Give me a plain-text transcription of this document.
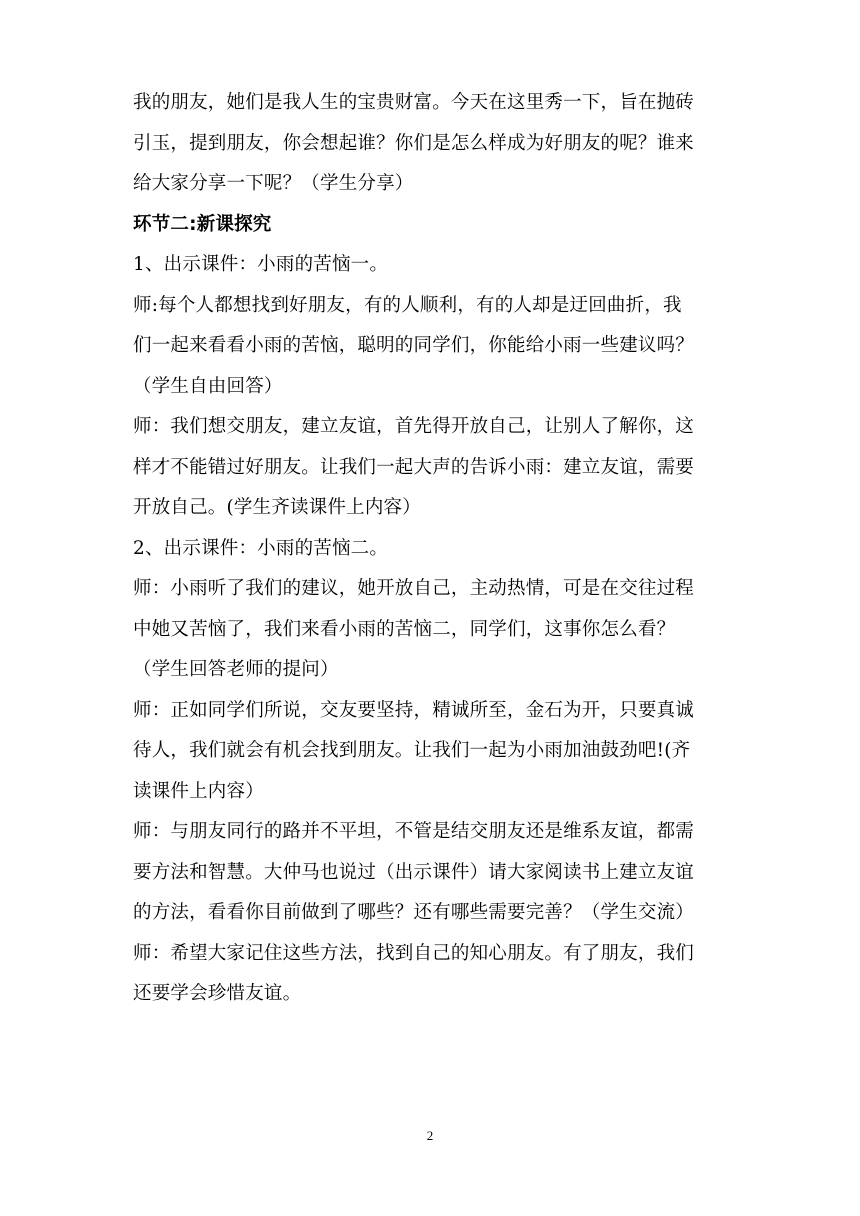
我的朋友，她们是我人生的宝贵财富。今天在这里秀一下，旨在抛砖
引玉，提到朋友，你会想起谁？你们是怎么样成为好朋友的呢？谁来
给大家分享一下呢？（学生分享）
环节二:新课探究
1、出示课件：小雨的苦恼一。
师:每个人都想找到好朋友，有的人顺利，有的人却是迂回曲折，我
们一起来看看小雨的苦恼，聪明的同学们，你能给小雨一些建议吗？
（学生自由回答）
师：我们想交朋友，建立友谊，首先得开放自己，让别人了解你，这
样才不能错过好朋友。让我们一起大声的告诉小雨：建立友谊，需要
开放自己。(学生齐读课件上内容）
2、出示课件：小雨的苦恼二。
师：小雨听了我们的建议，她开放自己，主动热情，可是在交往过程
中她又苦恼了，我们来看小雨的苦恼二，同学们，这事你怎么看？
（学生回答老师的提问）
师：正如同学们所说，交友要坚持，精诚所至，金石为开，只要真诚
待人，我们就会有机会找到朋友。让我们一起为小雨加油鼓劲吧!(齐
读课件上内容）
师：与朋友同行的路并不平坦，不管是结交朋友还是维系友谊，都需
要方法和智慧。大仲马也说过（出示课件）请大家阅读书上建立友谊
的方法，看看你目前做到了哪些？还有哪些需要完善？（学生交流）
师：希望大家记住这些方法，找到自己的知心朋友。有了朋友，我们
还要学会珍惜友谊。
2
